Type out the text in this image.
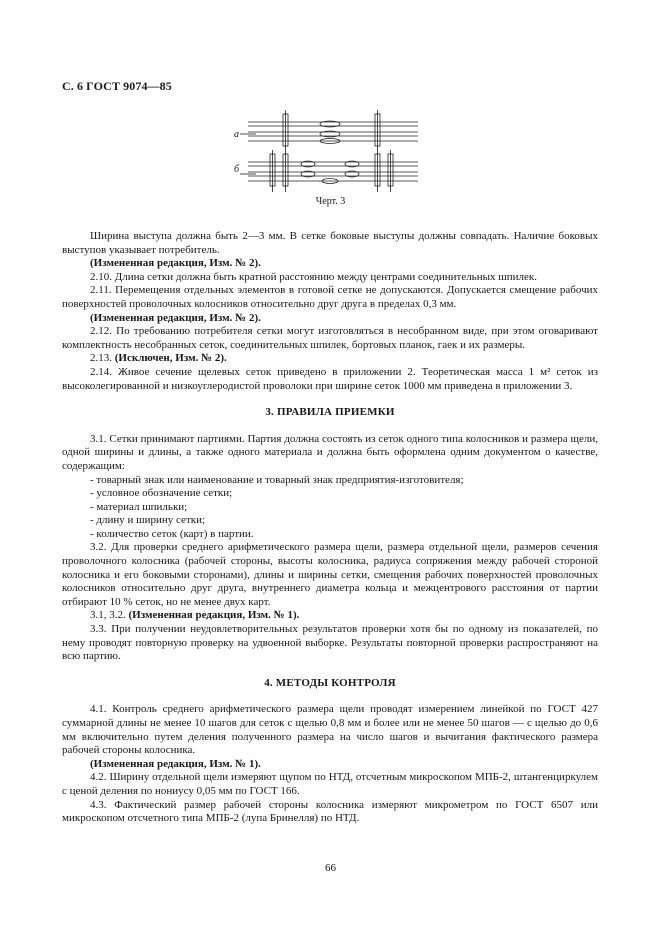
С. 6 ГОСТ 9074—85
а
б
Черт. 3

Ширина выступа должна быть 2—3 мм. В сетке боковые выступы должны совпадать. Наличие боковых выступов указывает потребитель.

(Измененная редакция, Изм. № 2).

2.10. Длина сетки должна быть кратной расстоянию между центрами соединительных шпилек.

2.11. Перемещения отдельных элементов в готовой сетке не допускаются. Допускается смещение рабочих поверхностей проволочных колосников относительно друг друга в пределах 0,3 мм.

(Измененная редакция, Изм. № 2).

2.12. По требованию потребителя сетки могут изготовляться в несобранном виде, при этом оговаривают комплектность несобранных сеток, соединительных шпилек, бортовых планок, гаек и их размеры.

2.13. (Исключен, Изм. № 2).

2.14. Живое сечение щелевых сеток приведено в приложении 2. Теоретическая масса 1 м² сеток из высоколегированной и низкоуглеродистой проволоки при ширине сеток 1000 мм приведена в приложении 3.

3. ПРАВИЛА ПРИЕМКИ

3.1. Сетки принимают партиями. Партия должна состоять из сеток одного типа колосников и размера щели, одной ширины и длины, а также одного материала и должна быть оформлена одним документом о качестве, содержащим:

- товарный знак или наименование и товарный знак предприятия-изготовителя;

- условное обозначение сетки;

- материал шпильки;

- длину и ширину сетки;

- количество сеток (карт) в партии.

3.2. Для проверки среднего арифметического размера щели, размера отдельной щели, размеров сечения проволочного колосника (рабочей стороны, высоты колосника, радиуса сопряжения между рабочей стороной колосника и его боковыми сторонами), длины и ширины сетки, смещения рабочих поверхностей проволочных колосников относительно друг друга, внутреннего диаметра кольца и межцентрового расстояния от партии отбирают 10 % сеток, но не менее двух карт.

3.1, 3.2. (Измененная редакция, Изм. № 1).

3.3. При получении неудовлетворительных результатов проверки хотя бы по одному из показателей, по нему проводят повторную проверку на удвоенной выборке. Результаты повторной проверки распространяют на всю партию.

4. МЕТОДЫ КОНТРОЛЯ

4.1. Контроль среднего арифметического размера щели проводят измерением линейкой по ГОСТ 427 суммарной длины не менее 10 шагов для сеток с щелью 0,8 мм и более или не менее 50 шагов — с щелью до 0,6 мм включительно путем деления полученного размера на число шагов и вычитания фактического размера рабочей стороны колосника.

(Измененная редакция, Изм. № 1).

4.2. Ширину отдельной щели измеряют щупом по НТД, отсчетным микроскопом МПБ-2, штангенциркулем с ценой деления по нониусу 0,05 мм по ГОСТ 166.

4.3. Фактический размер рабочей стороны колосника измеряют микрометром по ГОСТ 6507 или микроскопом отсчетного типа МПБ-2 (лупа Бринелля) по НТД.

66
